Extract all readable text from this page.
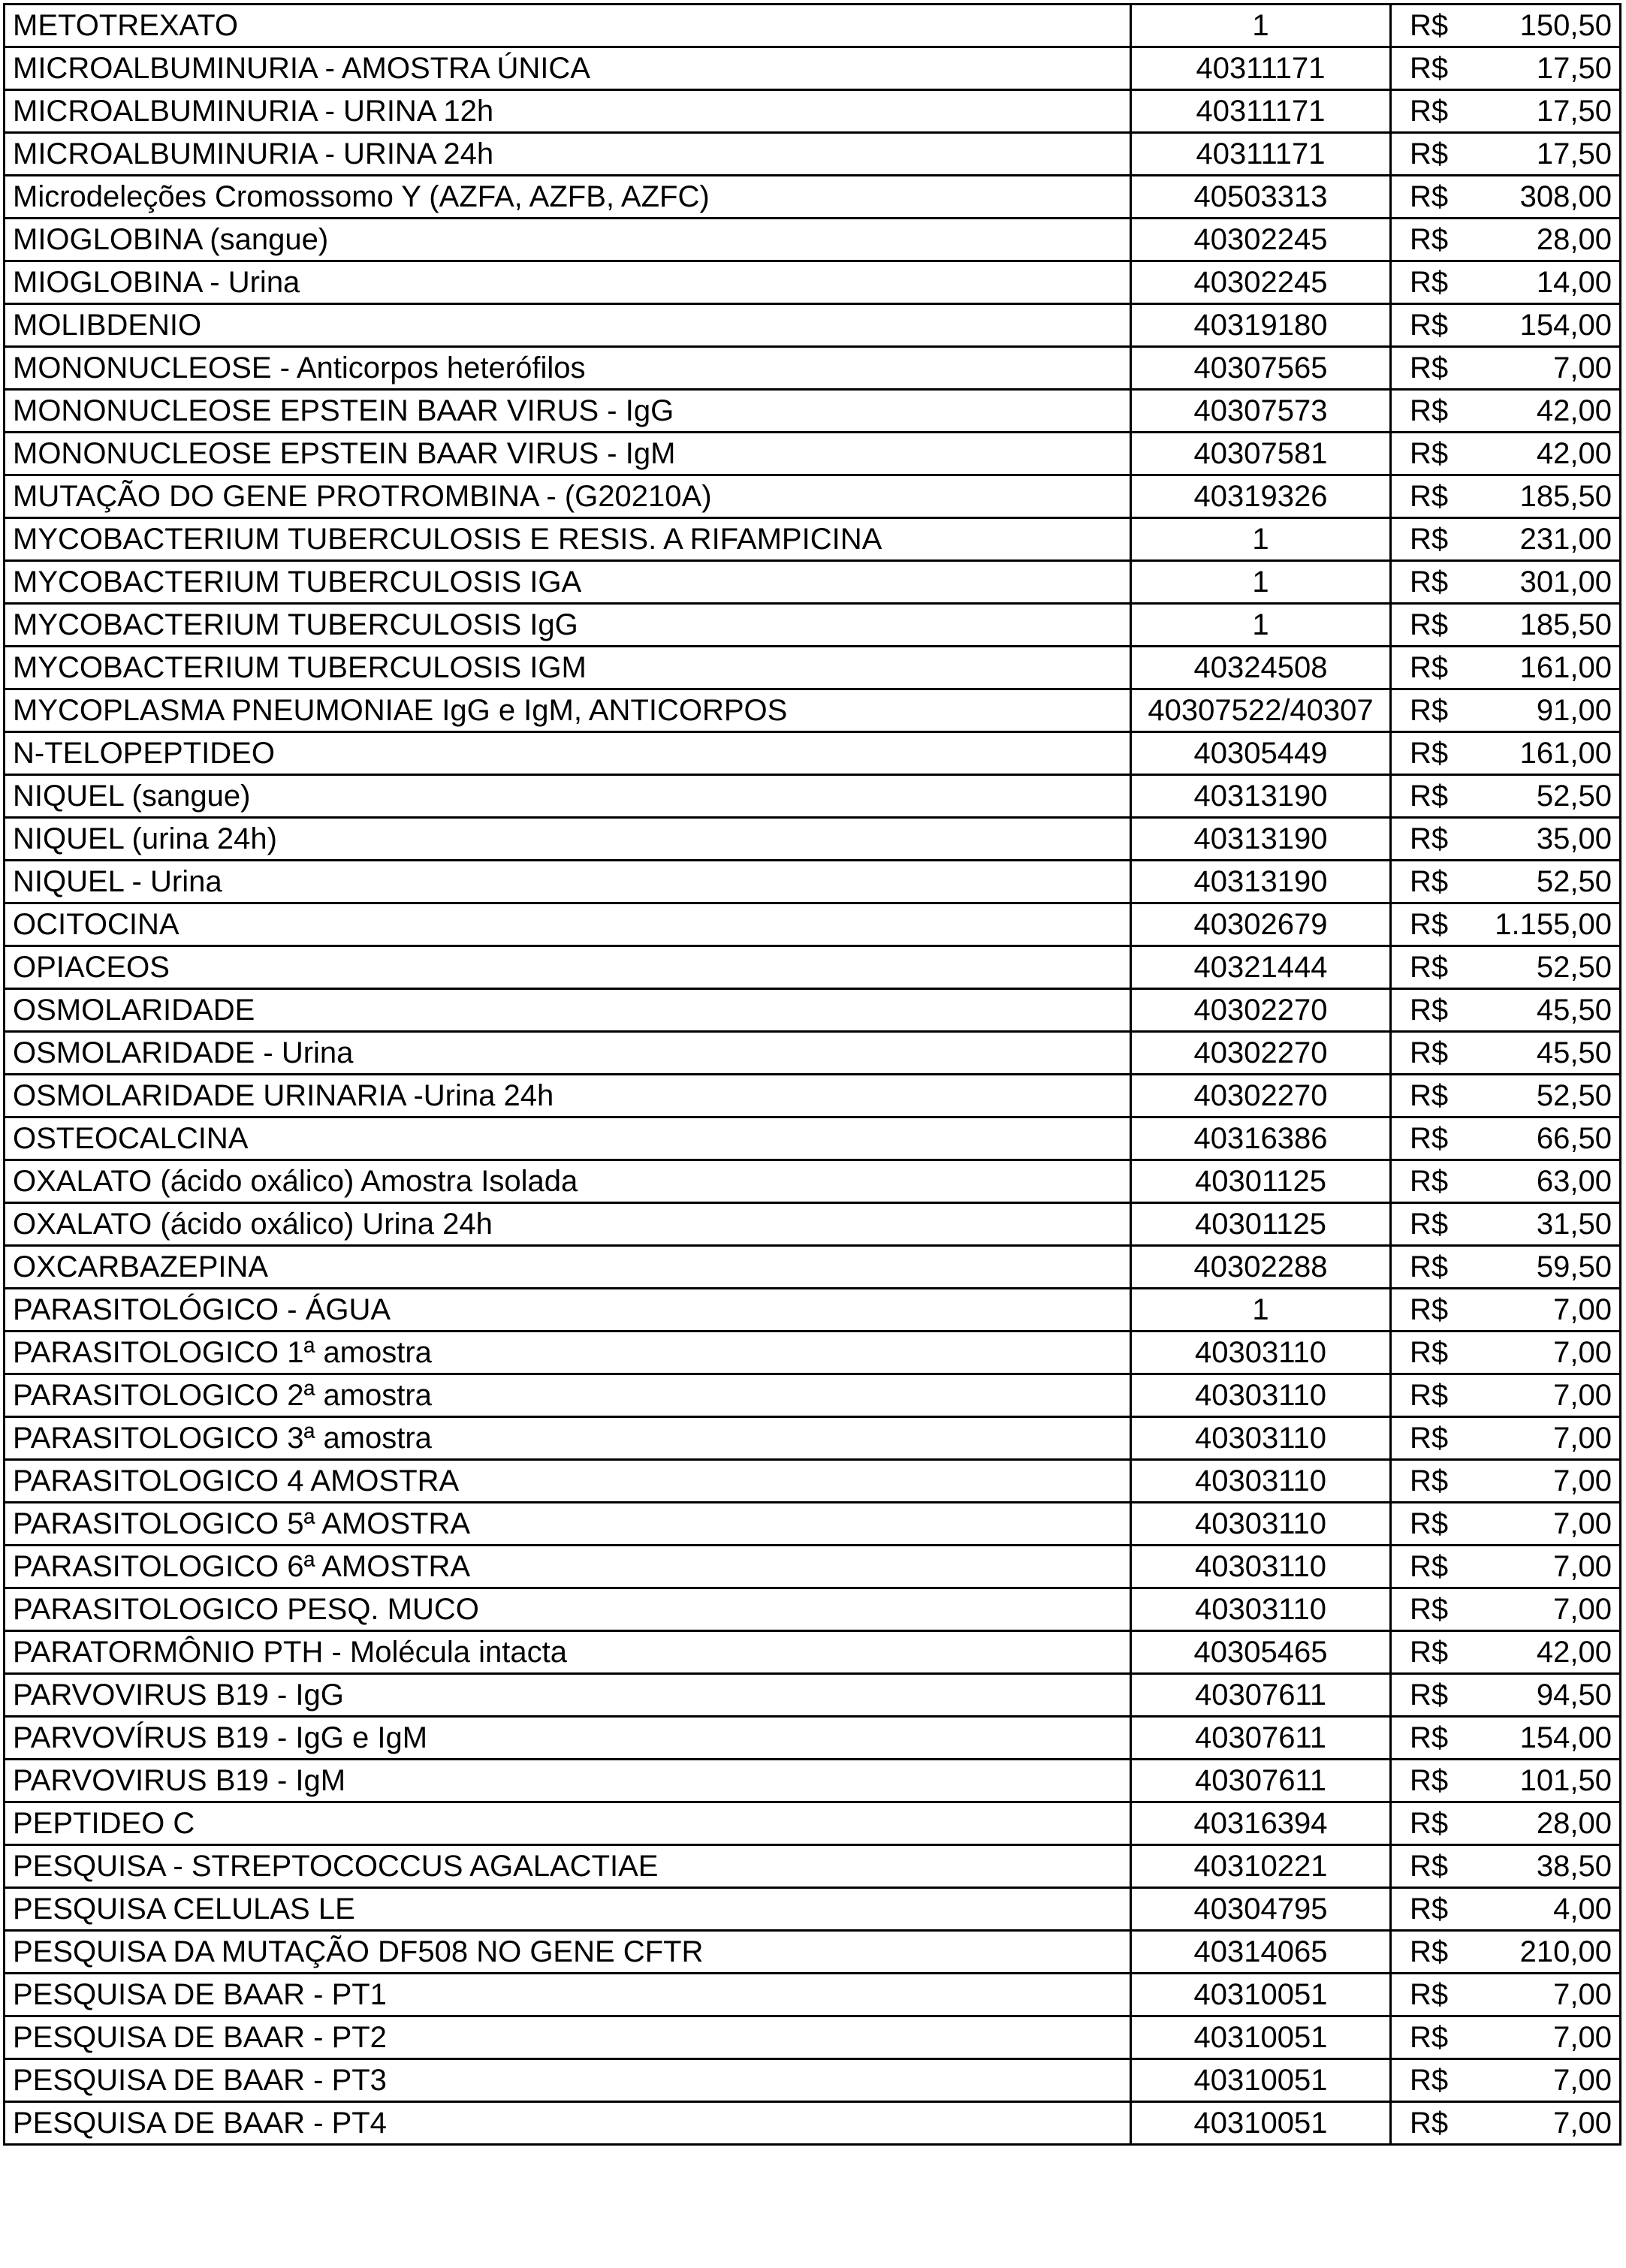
METOTREXATO	1	R$	150,50
MICROALBUMINURIA - AMOSTRA ÚNICA	40311171	R$	17,50
MICROALBUMINURIA - URINA 12h	40311171	R$	17,50
MICROALBUMINURIA - URINA 24h	40311171	R$	17,50
Microdeleções Cromossomo Y (AZFA, AZFB, AZFC)	40503313	R$	308,00
MIOGLOBINA (sangue)	40302245	R$	28,00
MIOGLOBINA - Urina	40302245	R$	14,00
MOLIBDENIO	40319180	R$	154,00
MONONUCLEOSE - Anticorpos heterófilos	40307565	R$	7,00
MONONUCLEOSE EPSTEIN BAAR VIRUS - IgG	40307573	R$	42,00
MONONUCLEOSE EPSTEIN BAAR VIRUS - IgM	40307581	R$	42,00
MUTAÇÃO DO GENE PROTROMBINA - (G20210A)	40319326	R$	185,50
MYCOBACTERIUM TUBERCULOSIS E RESIS. A RIFAMPICINA	1	R$	231,00
MYCOBACTERIUM TUBERCULOSIS IGA	1	R$	301,00
MYCOBACTERIUM TUBERCULOSIS IgG	1	R$	185,50
MYCOBACTERIUM TUBERCULOSIS IGM	40324508	R$	161,00
MYCOPLASMA PNEUMONIAE IgG e IgM, ANTICORPOS	40307522/40307	R$	91,00
N-TELOPEPTIDEO	40305449	R$	161,00
NIQUEL (sangue)	40313190	R$	52,50
NIQUEL (urina 24h)	40313190	R$	35,00
NIQUEL - Urina	40313190	R$	52,50
OCITOCINA	40302679	R$	1.155,00
OPIACEOS	40321444	R$	52,50
OSMOLARIDADE	40302270	R$	45,50
OSMOLARIDADE - Urina	40302270	R$	45,50
OSMOLARIDADE URINARIA -Urina 24h	40302270	R$	52,50
OSTEOCALCINA	40316386	R$	66,50
OXALATO (ácido oxálico) Amostra Isolada	40301125	R$	63,00
OXALATO (ácido oxálico) Urina 24h	40301125	R$	31,50
OXCARBAZEPINA	40302288	R$	59,50
PARASITOLÓGICO - ÁGUA	1	R$	7,00
PARASITOLOGICO 1ª amostra	40303110	R$	7,00
PARASITOLOGICO 2ª amostra	40303110	R$	7,00
PARASITOLOGICO 3ª amostra	40303110	R$	7,00
PARASITOLOGICO 4 AMOSTRA	40303110	R$	7,00
PARASITOLOGICO 5ª AMOSTRA	40303110	R$	7,00
PARASITOLOGICO 6ª AMOSTRA	40303110	R$	7,00
PARASITOLOGICO PESQ. MUCO	40303110	R$	7,00
PARATORMÔNIO PTH - Molécula intacta	40305465	R$	42,00
PARVOVIRUS B19 - IgG	40307611	R$	94,50
PARVOVÍRUS B19 - IgG e IgM	40307611	R$	154,00
PARVOVIRUS B19 - IgM	40307611	R$	101,50
PEPTIDEO C	40316394	R$	28,00
PESQUISA - STREPTOCOCCUS AGALACTIAE	40310221	R$	38,50
PESQUISA CELULAS LE	40304795	R$	4,00
PESQUISA DA MUTAÇÃO DF508 NO GENE CFTR	40314065	R$	210,00
PESQUISA DE BAAR - PT1	40310051	R$	7,00
PESQUISA DE BAAR - PT2	40310051	R$	7,00
PESQUISA DE BAAR - PT3	40310051	R$	7,00
PESQUISA DE BAAR - PT4	40310051	R$	7,00
